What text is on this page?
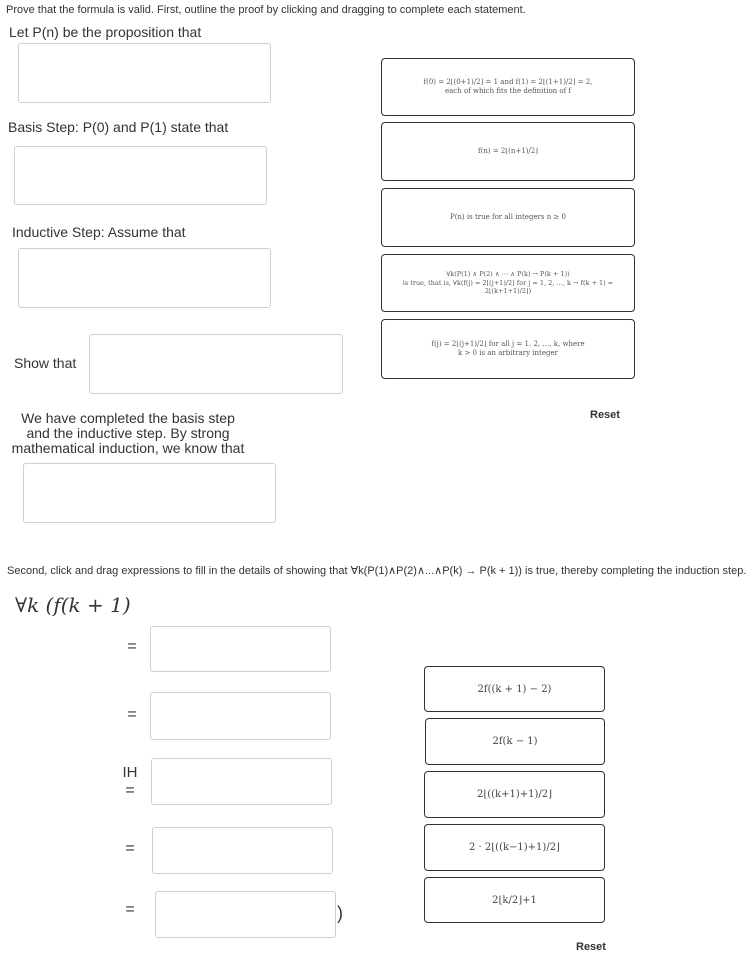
Prove that the formula is valid. First, outline the proof by clicking and dragging to complete each statement.
Let P(n) be the proposition that
Basis Step: P(0) and P(1) state that
Inductive Step: Assume that
Show that
We have completed the basis step and the inductive step. By strong mathematical induction, we know that
f(0) = 2⌊(0+1)/2⌋ = 1 and f(1) = 2⌊(1+1)/2⌋ = 2,
each of which fits the definition of f
f(n) = 2⌊(n+1)/2⌋
P(n) is true for all integers n ≥ 0
∀k(P(1) ∧ P(2) ∧ ⋯ ∧ P(k) → P(k + 1))
is true, that is, ∀k(f(j) = 2⌊(j+1)/2⌋ for j = 1, 2, …, k → f(k + 1) = 2⌊(k+1+1)/2⌋)
f(j) = 2⌊(j+1)/2⌋ for all j = 1, 2, …, k, where
k > 0 is an arbitrary integer
Reset
Second, click and drag expressions to fill in the details of showing that ∀k(P(1)∧P(2)∧...∧P(k) → P(k + 1)) is true, thereby completing the induction step.
∀k (f(k + 1)
=
=
IH
=
=
=	)
2f((k + 1) − 2)
2f(k − 1)
2⌊((k+1)+1)/2⌋
2 · 2⌊((k−1)+1)/2⌋
2⌊k/2⌋+1
Reset
